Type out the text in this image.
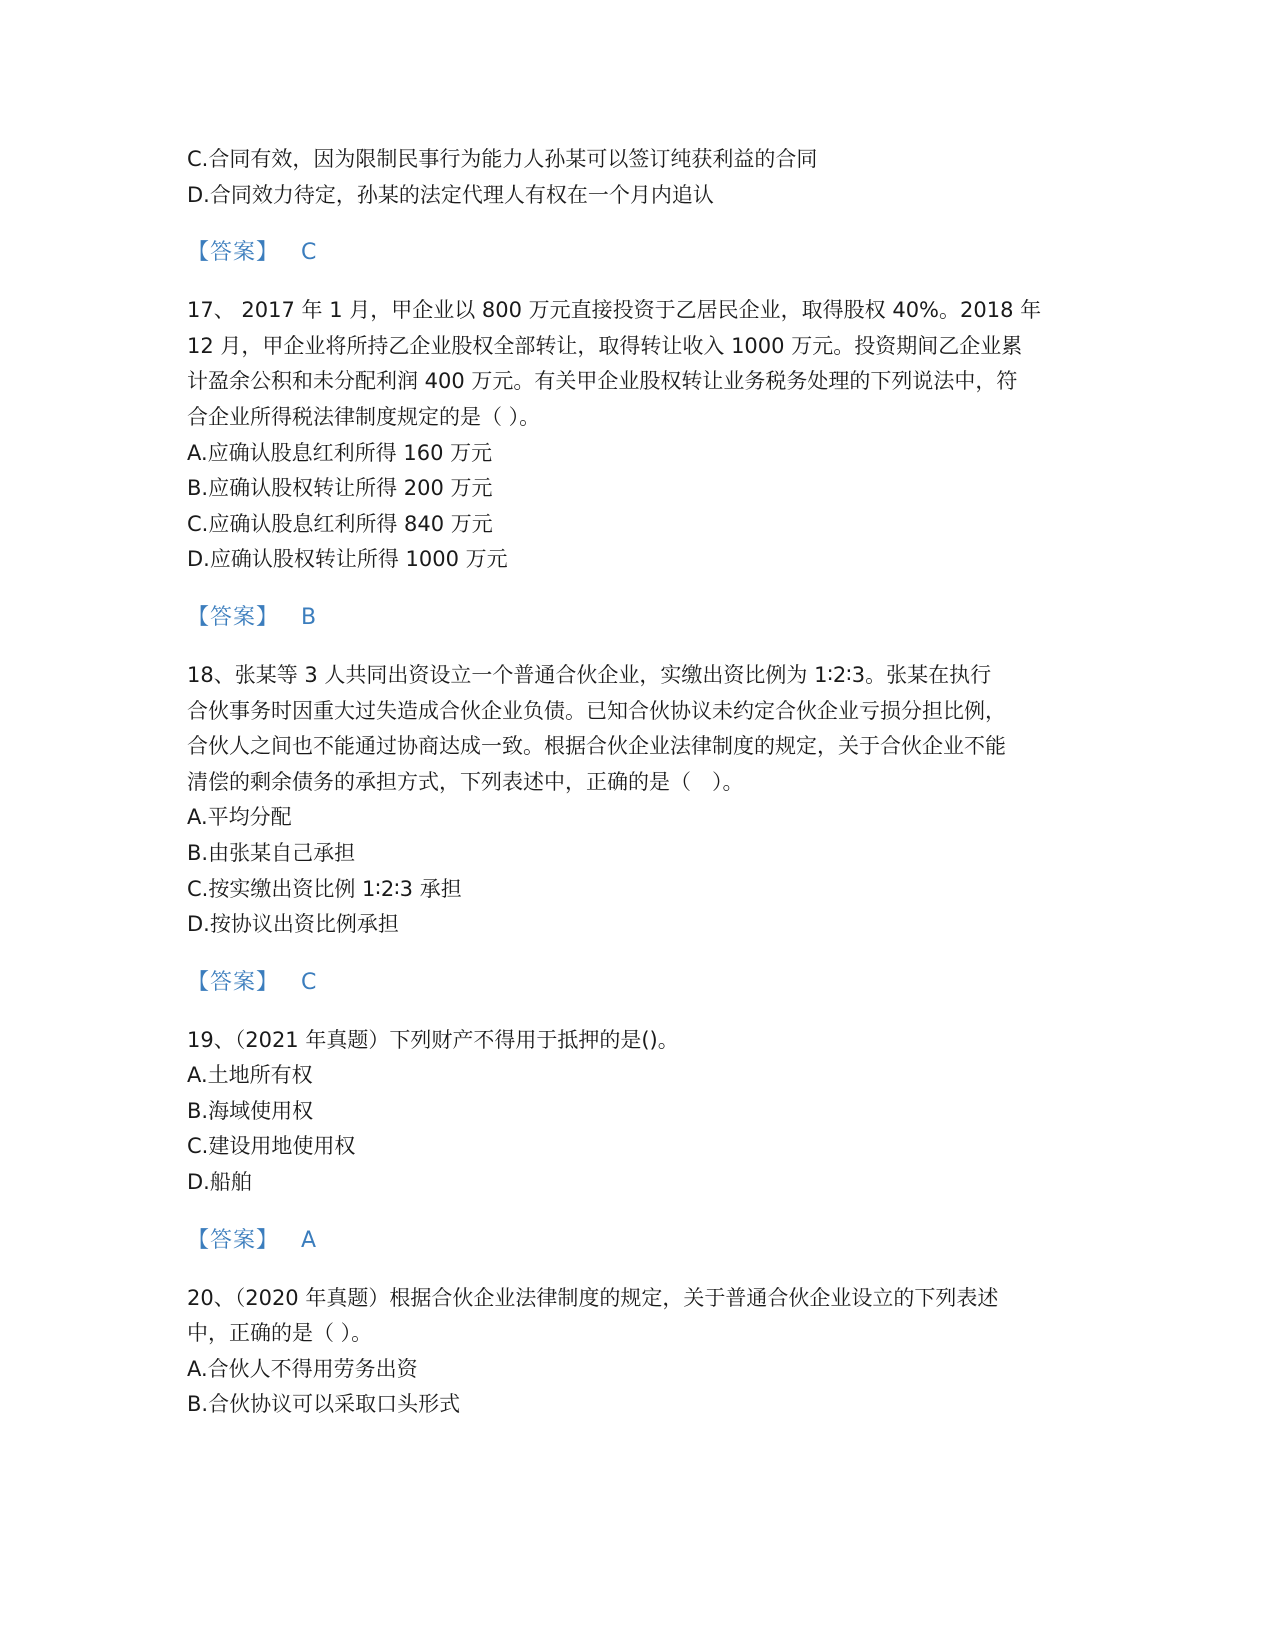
C.合同有效，因为限制民事行为能力人孙某可以签订纯获利益的合同

D.合同效力待定，孙某的法定代理人有权在一个月内追认

【答案】 C

17、 2017 年 1 月，甲企业以 800 万元直接投资于乙居民企业，取得股权 40%。2018 年

12 月，甲企业将所持乙企业股权全部转让，取得转让收入 1000 万元。投资期间乙企业累

计盈余公积和未分配利润 400 万元。有关甲企业股权转让业务税务处理的下列说法中，符

合企业所得税法律制度规定的是（ ）。

A.应确认股息红利所得 160 万元

B.应确认股权转让所得 200 万元

C.应确认股息红利所得 840 万元

D.应确认股权转让所得 1000 万元

【答案】 B

18、张某等 3 人共同出资设立一个普通合伙企业，实缴出资比例为 1∶2∶3。张某在执行

合伙事务时因重大过失造成合伙企业负债。已知合伙协议未约定合伙企业亏损分担比例，

合伙人之间也不能通过协商达成一致。根据合伙企业法律制度的规定，关于合伙企业不能

清偿的剩余债务的承担方式，下列表述中，正确的是（　）。

A.平均分配

B.由张某自己承担

C.按实缴出资比例 1∶2∶3 承担

D.按协议出资比例承担

【答案】 C

19、（2021 年真题）下列财产不得用于抵押的是()。

A.土地所有权

B.海域使用权

C.建设用地使用权

D.船舶

【答案】 A

20、（2020 年真题）根据合伙企业法律制度的规定，关于普通合伙企业设立的下列表述

中，正确的是（ ）。

A.合伙人不得用劳务出资

B.合伙协议可以采取口头形式
